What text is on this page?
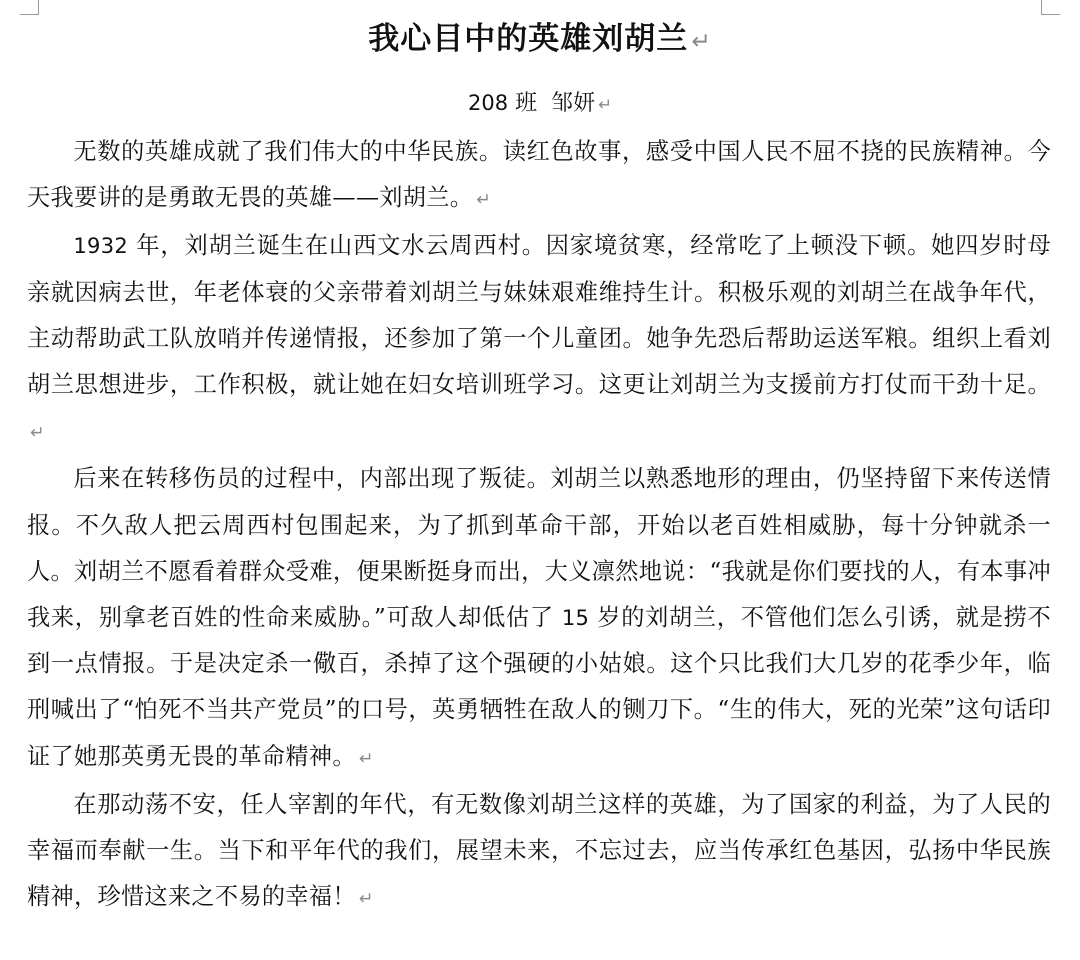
我心目中的英雄刘胡兰 ↵
208 班 邹妍 ↵

无数的英雄成就了我们伟大的中华民族。读红色故事，感受中国人民不屈不挠的民族精神。今天我要讲的是勇敢无畏的英雄——刘胡兰。 ↵

1932 年，刘胡兰诞生在山西文水云周西村。因家境贫寒，经常吃了上顿没下顿。她四岁时母亲就因病去世，年老体衰的父亲带着刘胡兰与妹妹艰难维持生计。积极乐观的刘胡兰在战争年代，主动帮助武工队放哨并传递情报，还参加了第一个儿童团。她争先恐后帮助运送军粮。组织上看刘胡兰思想进步，工作积极，就让她在妇女培训班学习。这更让刘胡兰为支援前方打仗而干劲十足。↵

后来在转移伤员的过程中，内部出现了叛徒。刘胡兰以熟悉地形的理由，仍坚持留下来传送情报。不久敌人把云周西村包围起来，为了抓到革命干部，开始以老百姓相威胁，每十分钟就杀一人。刘胡兰不愿看着群众受难，便果断挺身而出，大义凛然地说：“我就是你们要找的人，有本事冲我来，别拿老百姓的性命来威胁。”可敌人却低估了 15 岁的刘胡兰，不管他们怎么引诱，就是捞不到一点情报。于是决定杀一儆百，杀掉了这个强硬的小姑娘。这个只比我们大几岁的花季少年，临刑喊出了“怕死不当共产党员”的口号，英勇牺牲在敌人的铡刀下。“生的伟大，死的光荣”这句话印证了她那英勇无畏的革命精神。 ↵

在那动荡不安，任人宰割的年代，有无数像刘胡兰这样的英雄，为了国家的利益，为了人民的幸福而奉献一生。当下和平年代的我们，展望未来，不忘过去，应当传承红色基因，弘扬中华民族精神，珍惜这来之不易的幸福！ ↵
